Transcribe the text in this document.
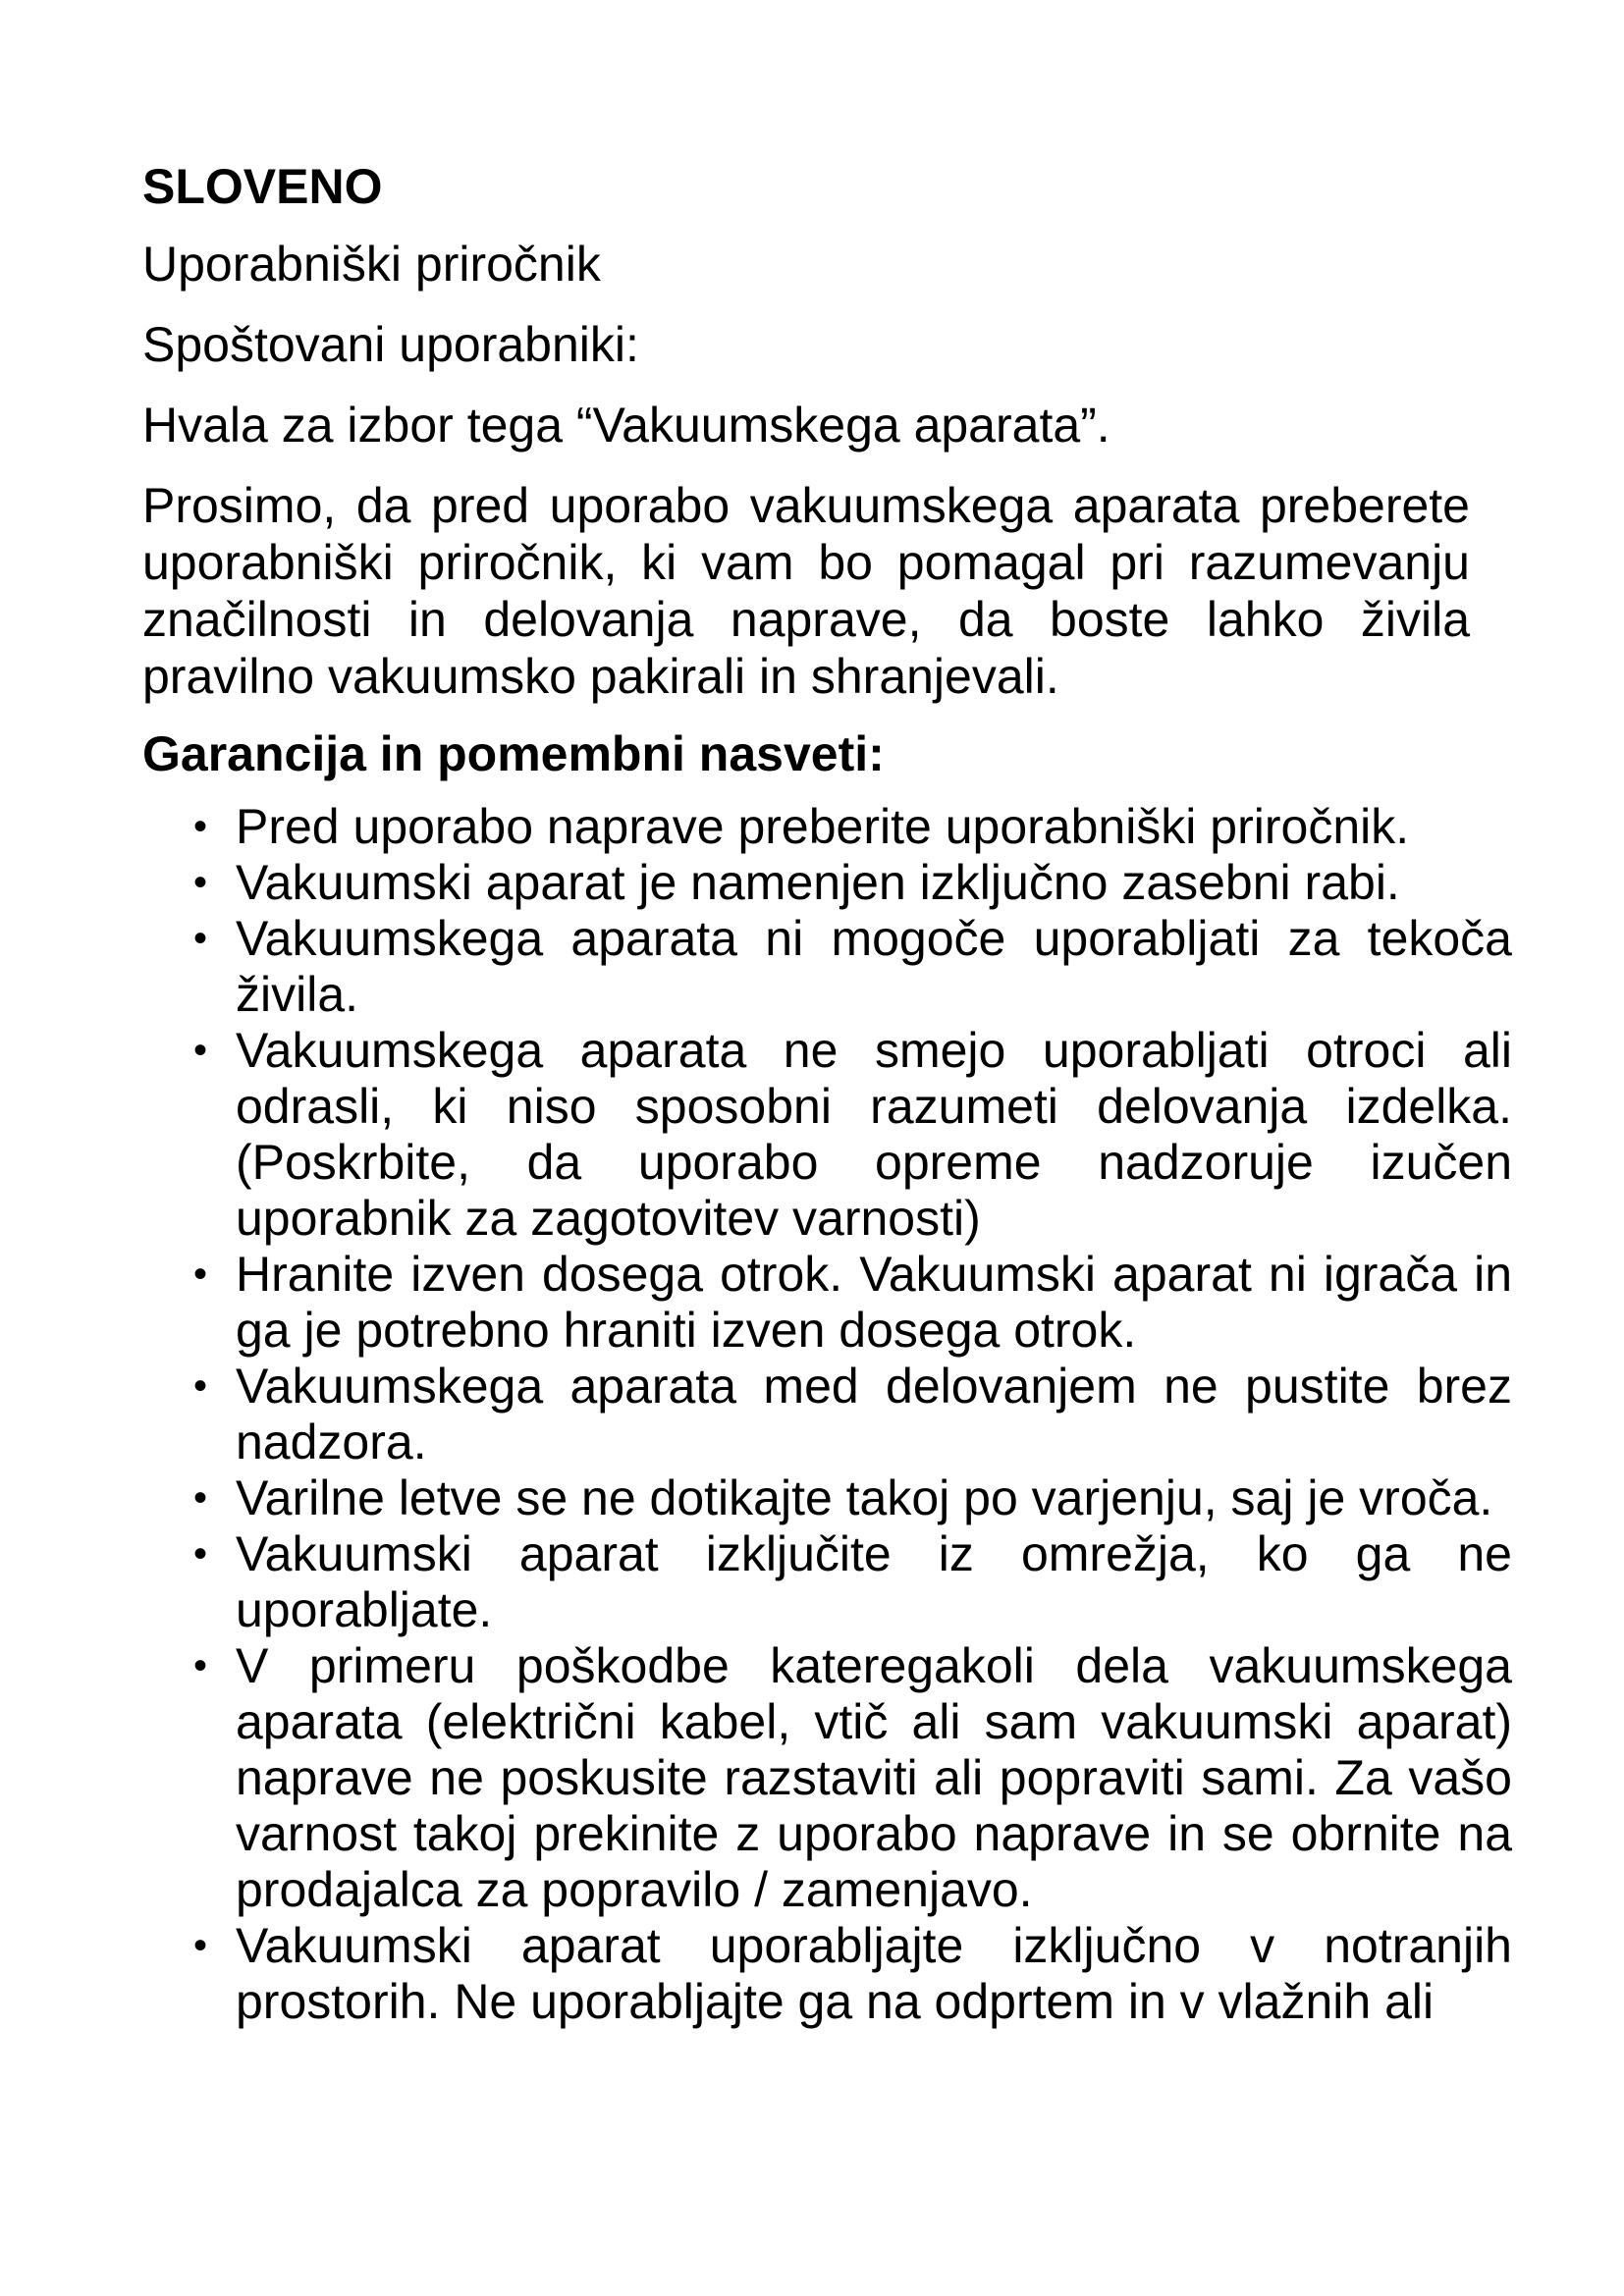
SLOVENO
Uporabniški priročnik
Spoštovani uporabniki:
Hvala za izbor tega “Vakuumskega aparata”.
Prosimo, da pred uporabo vakuumskega aparata preberete uporabniški priročnik, ki vam bo pomagal pri razumevanju značilnosti in delovanja naprave, da boste lahko živila pravilno vakuumsko pakirali in shranjevali.
Garancija in pomembni nasveti:
• Pred uporabo naprave preberite uporabniški priročnik.
• Vakuumski aparat je namenjen izključno zasebni rabi.
• Vakuumskega aparata ni mogoče uporabljati za tekoča živila.
• Vakuumskega aparata ne smejo uporabljati otroci ali odrasli, ki niso sposobni razumeti delovanja izdelka. (Poskrbite, da uporabo opreme nadzoruje izučen uporabnik za zagotovitev varnosti)
• Hranite izven dosega otrok. Vakuumski aparat ni igrača in ga je potrebno hraniti izven dosega otrok.
• Vakuumskega aparata med delovanjem ne pustite brez nadzora.
• Varilne letve se ne dotikajte takoj po varjenju, saj je vroča.
• Vakuumski aparat izključite iz omrežja, ko ga ne uporabljate.
• V primeru poškodbe kateregakoli dela vakuumskega aparata (električni kabel, vtič ali sam vakuumski aparat) naprave ne poskusite razstaviti ali popraviti sami. Za vašo varnost takoj prekinite z uporabo naprave in se obrnite na prodajalca za popravilo / zamenjavo.
• Vakuumski aparat uporabljajte izključno v notranjih prostorih. Ne uporabljajte ga na odprtem in v vlažnih ali
